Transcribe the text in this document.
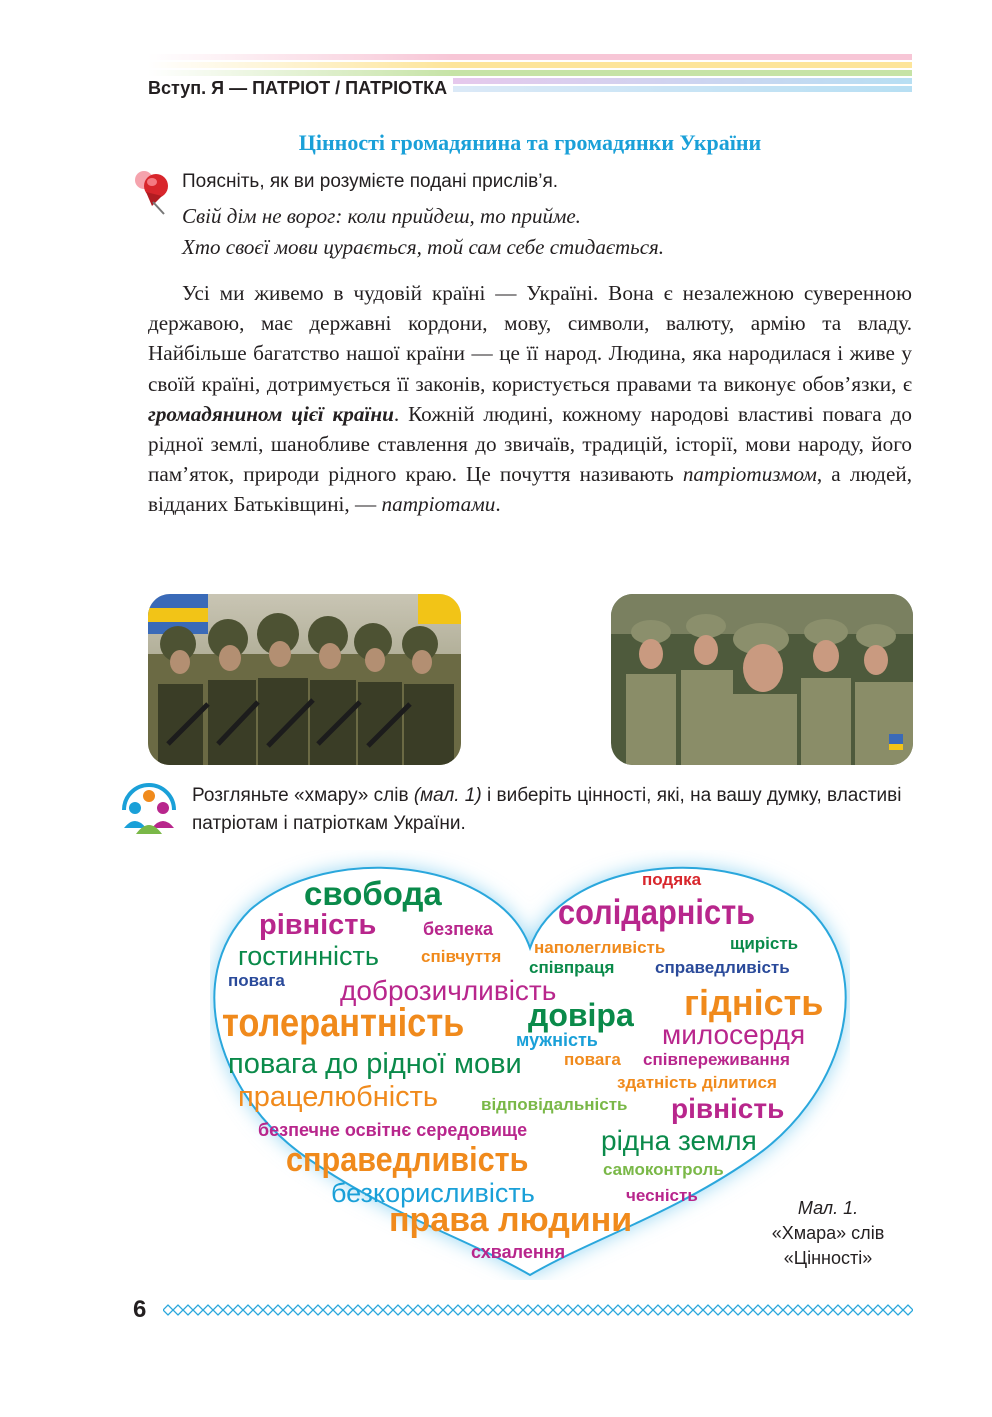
Вступ. Я — ПАТРІОТ / ПАТРІОТКА
Цінності громадянина та громадянки України
Поясніть, як ви розумієте подані прислів’я.
Свій дім не ворог: коли прийдеш, то прийме.
Хто своєї мови цурається, той сам себе стидається.

Усі ми живемо в чудовій країні — Україні. Вона є незалежною суверенною державою, має державні кордони, мову, символи, валюту, армію та владу. Найбільше багатство нашої країни — це її народ. Людина, яка народилася і живе у своїй країні, дотримується її законів, користується правами та виконує обов’язки, є громадянином цієї країни. Кожній людині, кожному народові властиві повага до рідної землі, шанобливе ставлення до звичаїв, традицій, історії, мови народу, його пам’яток, природи рідного краю. Це почуття називають патріотизмом, а людей, відданих Батьківщині, — патріотами.

Розгляньте «хмару» слів (мал. 1) і виберіть цінності, які, на вашу думку, властиві патріотам і патріоткам України.
свобода	подяка
рівність	безпека солідарність
гостинність співчуття наполегливість	щирість
повага
співпраця справедливість
доброзичливість	гідність
толерантність довіра
милосердя
мужність
повага до рідної мови повага співпереживання
здатність ділитися
працелюбність	відповідальність рівність
безпечне освітнє середовище	рідна земля
справедливість	самоконтроль
безкорисливість	чесність
права людини
схвалення
Мал. 1.
«Хмара» слів
«Цінності»
6
